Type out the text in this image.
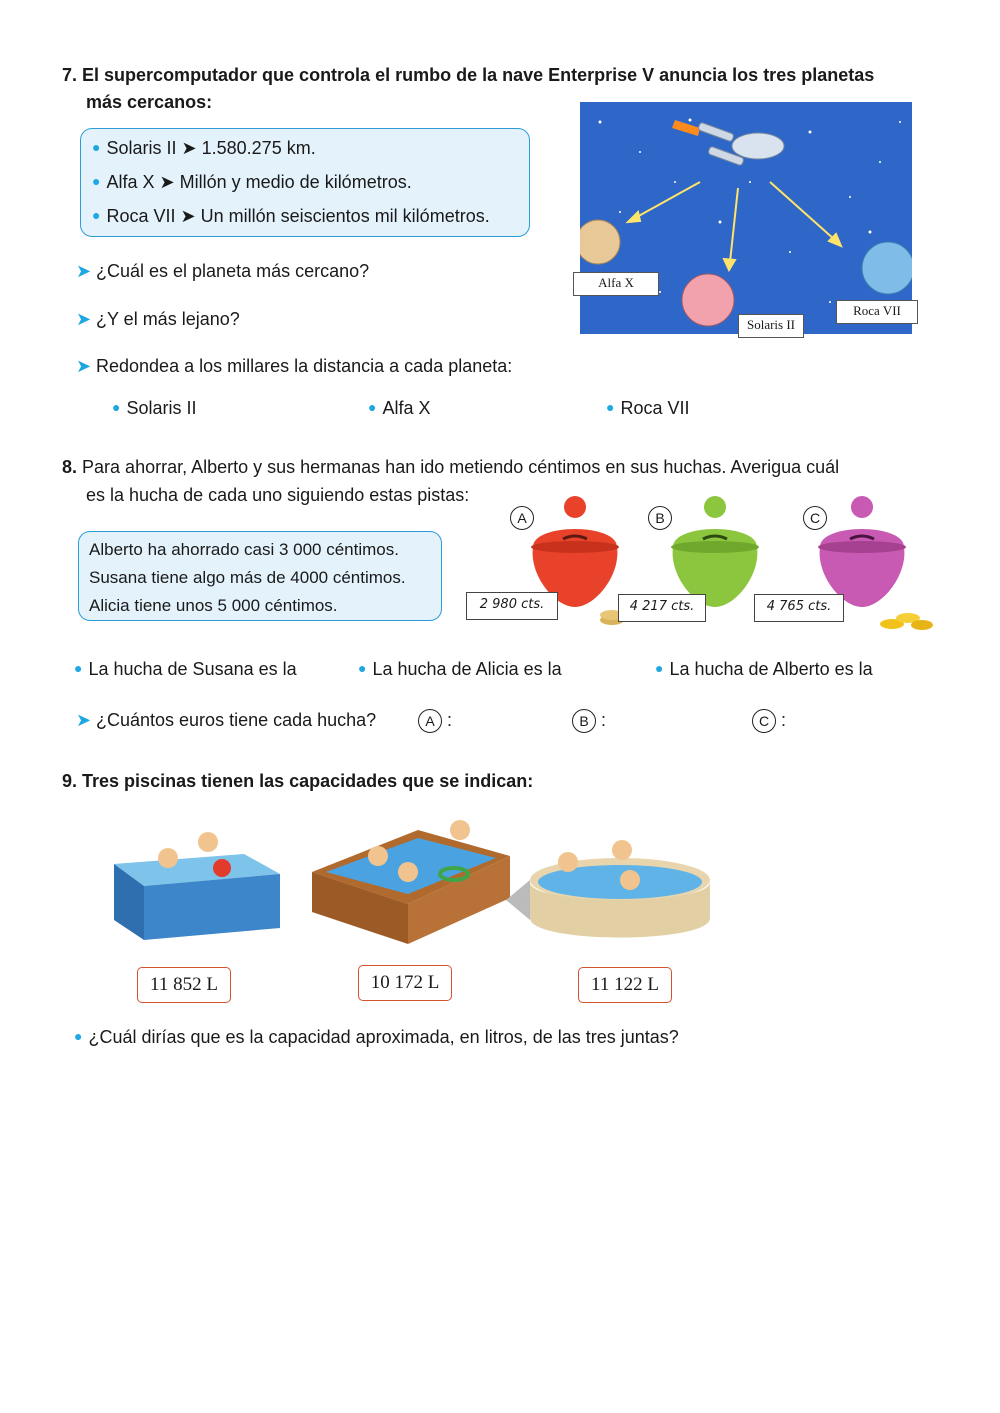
7. El supercomputador que controla el rumbo de la nave Enterprise V anuncia los tres planetas
más cercanos:
● Solaris II ➤ 1.580.275 km.
● Alfa X ➤ Millón y medio de kilómetros.
● Roca VII ➤ Un millón seiscientos mil kilómetros.
➤ ¿Cuál es el planeta más cercano?
➤ ¿Y el más lejano?
➤ Redondea a los millares la distancia a cada planeta:
● Solaris II	● Alfa X	● Roca VII
Alfa X
Solaris II
Roca VII
8. Para ahorrar, Alberto y sus hermanas han ido metiendo céntimos en sus huchas. Averigua cuál
es la hucha de cada uno siguiendo estas pistas:
Alberto ha ahorrado casi 3 000 céntimos.
Susana tiene algo más de 4000 céntimos.
Alicia tiene unos 5 000 céntimos.
A	B	C
2 980 cts.	4 217 cts.	4 765 cts.
● La hucha de Susana es la	● La hucha de Alicia es la	● La hucha de Alberto es la
➤ ¿Cuántos euros tiene cada hucha?	A :	B :	C :
9. Tres piscinas tienen las capacidades que se indican:
11 852 L	10 172 L	11 122 L
● ¿Cuál dirías que es la capacidad aproximada, en litros, de las tres juntas?
